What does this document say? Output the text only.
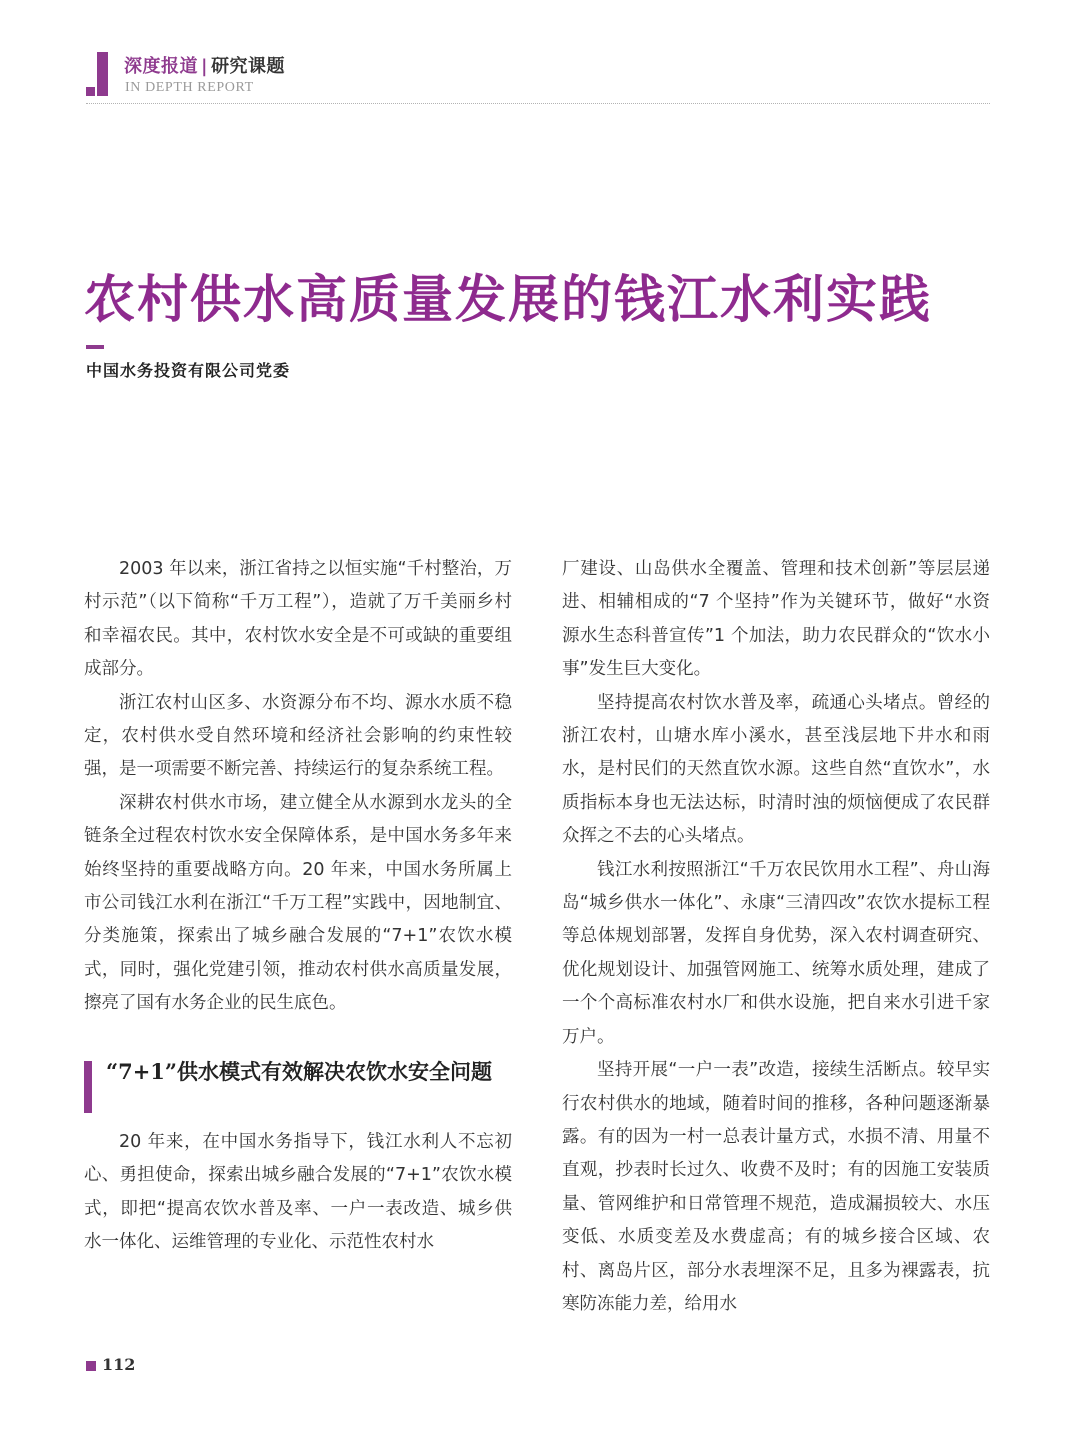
深度报道 | 研究课题
IN DEPTH REPORT
农村供水高质量发展的钱江水利实践
中国水务投资有限公司党委

2003 年以来，浙江省持之以恒实施“千村整治，万村示范”（以下简称“千万工程”），造就了万千美丽乡村和幸福农民。其中，农村饮水安全是不可或缺的重要组成部分。

浙江农村山区多、水资源分布不均、源水水质不稳定，农村供水受自然环境和经济社会影响的约束性较强，是一项需要不断完善、持续运行的复杂系统工程。

深耕农村供水市场，建立健全从水源到水龙头的全链条全过程农村饮水安全保障体系，是中国水务多年来始终坚持的重要战略方向。20 年来，中国水务所属上市公司钱江水利在浙江“千万工程”实践中，因地制宜、分类施策，探索出了城乡融合发展的“7+1”农饮水模式，同时，强化党建引领，推动农村供水高质量发展，擦亮了国有水务企业的民生底色。

“7+1”供水模式有效解决农饮水安全问题

20 年来，在中国水务指导下，钱江水利人不忘初心、勇担使命，探索出城乡融合发展的“7+1”农饮水模式，即把“提高农饮水普及率、一户一表改造、城乡供水一体化、运维管理的专业化、示范性农村水

厂建设、山岛供水全覆盖、管理和技术创新”等层层递进、相辅相成的“7 个坚持”作为关键环节，做好“水资源水生态科普宣传”1 个加法，助力农民群众的“饮水小事”发生巨大变化。

坚持提高农村饮水普及率，疏通心头堵点。曾经的浙江农村，山塘水库小溪水，甚至浅层地下井水和雨水，是村民们的天然直饮水源。这些自然“直饮水”，水质指标本身也无法达标，时清时浊的烦恼便成了农民群众挥之不去的心头堵点。

钱江水利按照浙江“千万农民饮用水工程”、舟山海岛“城乡供水一体化”、永康“三清四改”农饮水提标工程等总体规划部署，发挥自身优势，深入农村调查研究、优化规划设计、加强管网施工、统筹水质处理，建成了一个个高标准农村水厂和供水设施，把自来水引进千家万户。

坚持开展“一户一表”改造，接续生活断点。较早实行农村供水的地域，随着时间的推移，各种问题逐渐暴露。有的因为一村一总表计量方式，水损不清、用量不直观，抄表时长过久、收费不及时；有的因施工安装质量、管网维护和日常管理不规范，造成漏损较大、水压变低、水质变差及水费虚高；有的城乡接合区域、农村、离岛片区，部分水表埋深不足，且多为裸露表，抗寒防冻能力差，给用水

112
